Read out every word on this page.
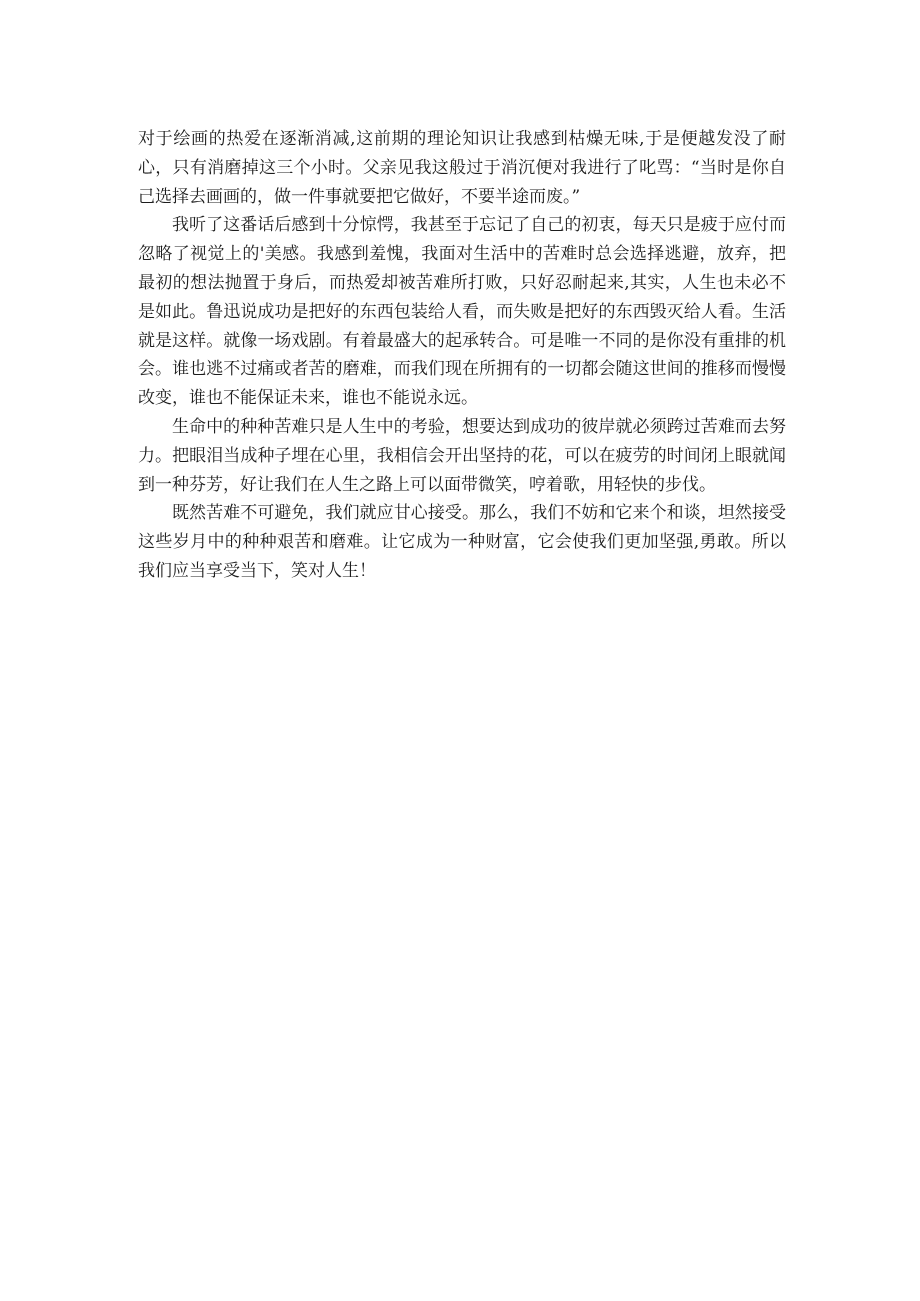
对于绘画的热爱在逐渐消减,这前期的理论知识让我感到枯燥无味,于是便越发没了耐心，只有消磨掉这三个小时。父亲见我这般过于消沉便对我进行了叱骂：“当时是你自己选择去画画的，做一件事就要把它做好，不要半途而废。”

我听了这番话后感到十分惊愕，我甚至于忘记了自己的初衷，每天只是疲于应付而忽略了视觉上的'美感。我感到羞愧，我面对生活中的苦难时总会选择逃避，放弃，把最初的想法抛置于身后，而热爱却被苦难所打败，只好忍耐起来,其实，人生也未必不是如此。鲁迅说成功是把好的东西包装给人看，而失败是把好的东西毁灭给人看。生活就是这样。就像一场戏剧。有着最盛大的起承转合。可是唯一不同的是你没有重排的机会。谁也逃不过痛或者苦的磨难，而我们现在所拥有的一切都会随这世间的推移而慢慢改变，谁也不能保证未来，谁也不能说永远。

生命中的种种苦难只是人生中的考验，想要达到成功的彼岸就必须跨过苦难而去努力。把眼泪当成种子埋在心里，我相信会开出坚持的花，可以在疲劳的时间闭上眼就闻到一种芬芳，好让我们在人生之路上可以面带微笑，哼着歌，用轻快的步伐。

既然苦难不可避免，我们就应甘心接受。那么，我们不妨和它来个和谈，坦然接受这些岁月中的种种艰苦和磨难。让它成为一种财富，它会使我们更加坚强,勇敢。所以我们应当享受当下，笑对人生！
